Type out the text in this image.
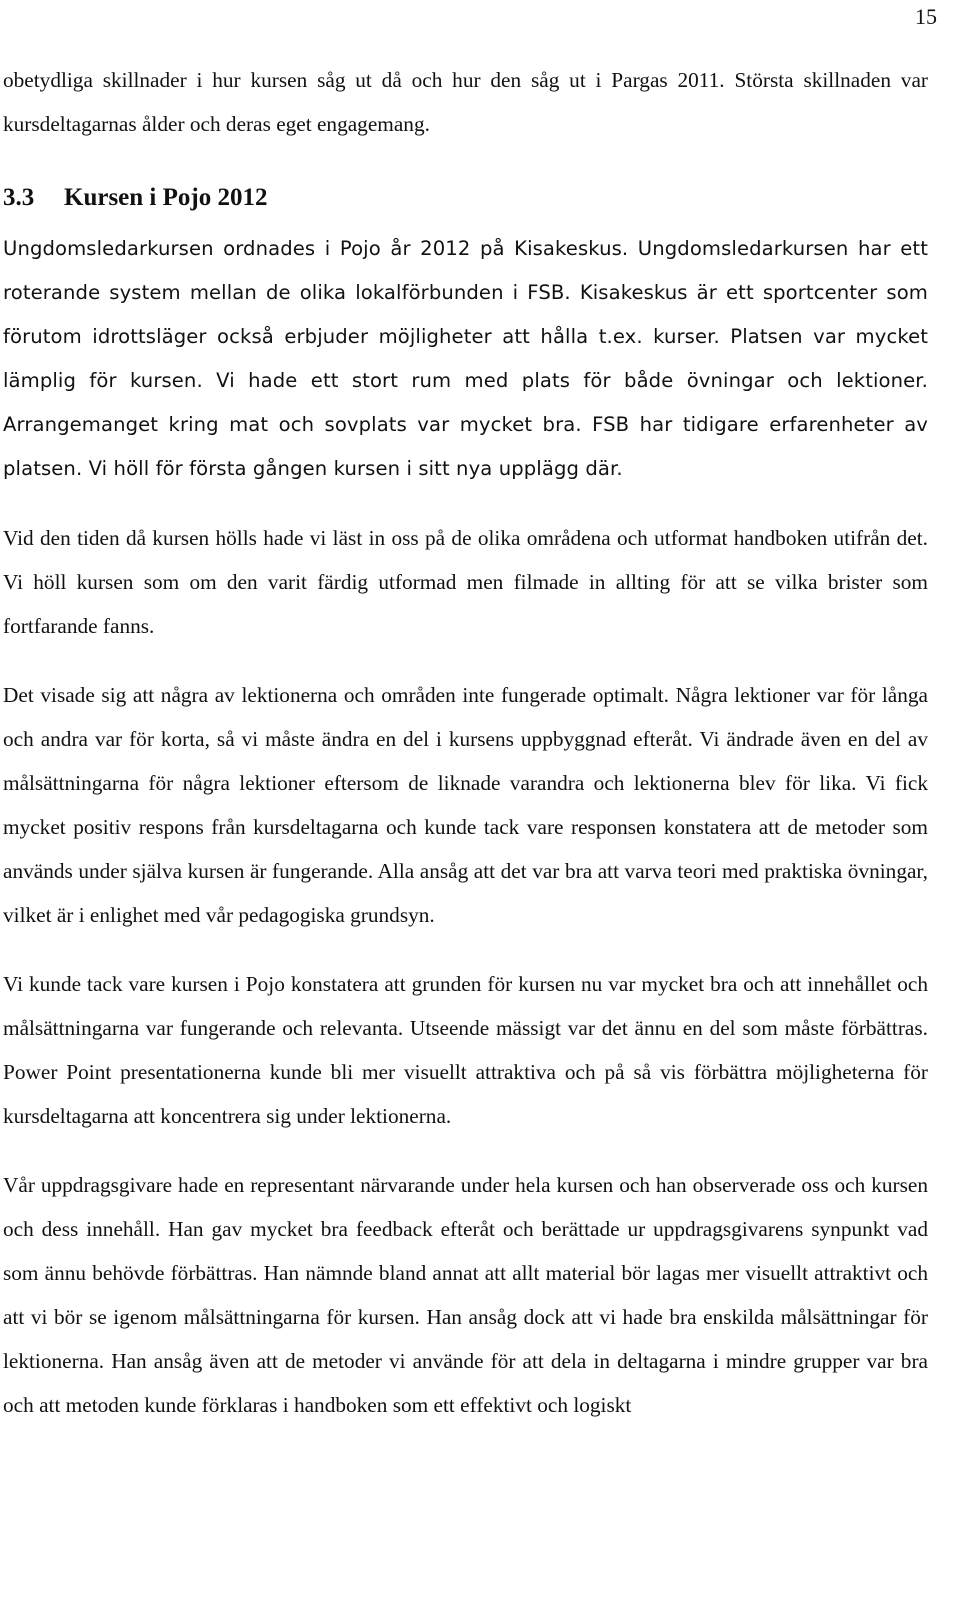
15

obetydliga skillnader i hur kursen såg ut då och hur den såg ut i Pargas 2011. Största skillnaden var kursdeltagarnas ålder och deras eget engagemang.

3.3 Kursen i Pojo 2012

Ungdomsledarkursen ordnades i Pojo år 2012 på Kisakeskus. Ungdomsledarkursen har ett roterande system mellan de olika lokalförbunden i FSB. Kisakeskus är ett sportcenter som förutom idrottsläger också erbjuder möjligheter att hålla t.ex. kurser. Platsen var mycket lämplig för kursen. Vi hade ett stort rum med plats för både övningar och lektioner. Arrangemanget kring mat och sovplats var mycket bra. FSB har tidigare erfarenheter av platsen. Vi höll för första gången kursen i sitt nya upplägg där.

Vid den tiden då kursen hölls hade vi läst in oss på de olika områdena och utformat handboken utifrån det. Vi höll kursen som om den varit färdig utformad men filmade in allting för att se vilka brister som fortfarande fanns.

Det visade sig att några av lektionerna och områden inte fungerade optimalt. Några lektioner var för långa och andra var för korta, så vi måste ändra en del i kursens uppbyggnad efteråt. Vi ändrade även en del av målsättningarna för några lektioner eftersom de liknade varandra och lektionerna blev för lika. Vi fick mycket positiv respons från kursdeltagarna och kunde tack vare responsen konstatera att de metoder som används under själva kursen är fungerande. Alla ansåg att det var bra att varva teori med praktiska övningar, vilket är i enlighet med vår pedagogiska grundsyn.

Vi kunde tack vare kursen i Pojo konstatera att grunden för kursen nu var mycket bra och att innehållet och målsättningarna var fungerande och relevanta. Utseende mässigt var det ännu en del som måste förbättras. Power Point presentationerna kunde bli mer visuellt attraktiva och på så vis förbättra möjligheterna för kursdeltagarna att koncentrera sig under lektionerna.

Vår uppdragsgivare hade en representant närvarande under hela kursen och han observerade oss och kursen och dess innehåll. Han gav mycket bra feedback efteråt och berättade ur uppdragsgivarens synpunkt vad som ännu behövde förbättras. Han nämnde bland annat att allt material bör lagas mer visuellt attraktivt och att vi bör se igenom målsättningarna för kursen. Han ansåg dock att vi hade bra enskilda målsättningar för lektionerna. Han ansåg även att de metoder vi använde för att dela in deltagarna i mindre grupper var bra och att metoden kunde förklaras i handboken som ett effektivt och logiskt
